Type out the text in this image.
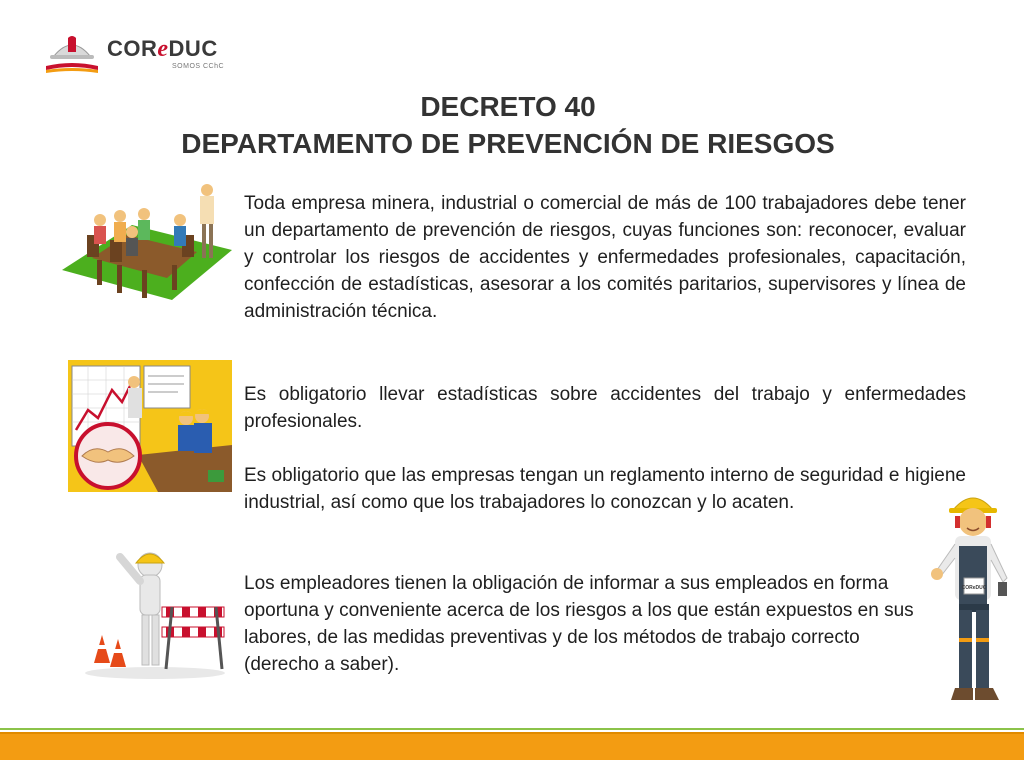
COReDUC
SOMOS CChC
DECRETO 40
DEPARTAMENTO DE PREVENCIÓN DE RIESGOS
COReDUC

Toda empresa minera, industrial o comercial de más de 100 trabajadores debe tener un departamento de prevención de riesgos, cuyas funciones son: reconocer, evaluar y controlar los riesgos de accidentes y enfermedades profesionales, capacitación, confección de estadísticas, asesorar a los comités paritarios, supervisores y línea de administración técnica.

Es obligatorio llevar estadísticas sobre accidentes del trabajo y enfermedades profesionales.

Es obligatorio que las empresas tengan un reglamento interno de seguridad e higiene industrial, así como que los trabajadores lo conozcan y lo acaten.

Los empleadores tienen la obligación de informar a sus empleados en forma oportuna y conveniente acerca de los riesgos a los que están expuestos en sus labores, de las medidas preventivas y de los métodos de trabajo correcto (derecho a saber).
